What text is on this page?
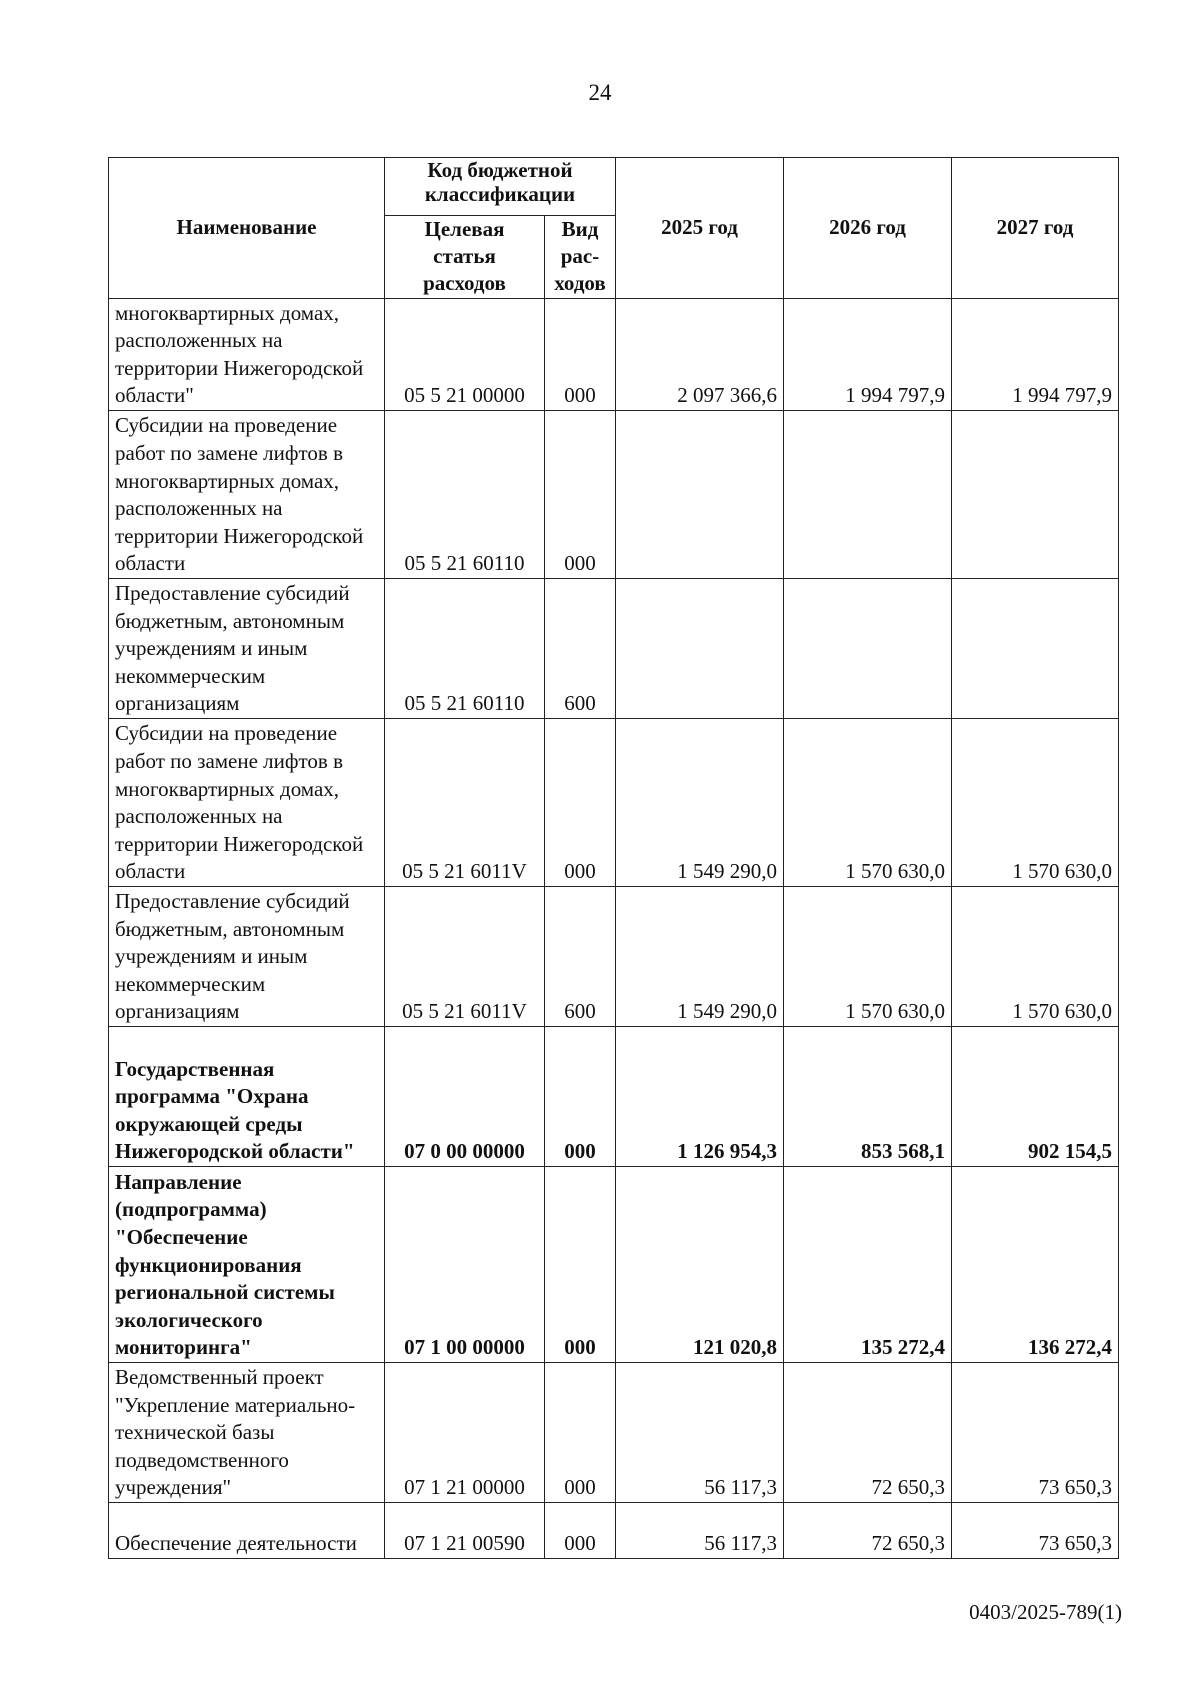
24
Наименование	Код бюджетной классификации		2025 год	2026 год	2027 год
	Целевая статья расходов	Вид рас-ходов			
многоквартирных домах, расположенных на территории Нижегородской области"	05 5 21 00000	000	2 097 366,6	1 994 797,9	1 994 797,9
Субсидии на проведение работ по замене лифтов в многоквартирных домах, расположенных на территории Нижегородской области	05 5 21 60110	000			
Предоставление субсидий бюджетным, автономным учреждениям и иным некоммерческим организациям	05 5 21 60110	600			
Субсидии на проведение работ по замене лифтов в многоквартирных домах, расположенных на территории Нижегородской области	05 5 21 6011V	000	1 549 290,0	1 570 630,0	1 570 630,0
Предоставление субсидий бюджетным, автономным учреждениям и иным некоммерческим организациям	05 5 21 6011V	600	1 549 290,0	1 570 630,0	1 570 630,0
Государственная программа "Охрана окружающей среды Нижегородской области"	07 0 00 00000	000	1 126 954,3	853 568,1	902 154,5
Направление (подпрограмма) "Обеспечение функционирования региональной системы экологического мониторинга"	07 1 00 00000	000	121 020,8	135 272,4	136 272,4
Ведомственный проект "Укрепление материально-технической базы подведомственного учреждения"	07 1 21 00000	000	56 117,3	72 650,3	73 650,3
Обеспечение деятельности	07 1 21 00590	000	56 117,3	72 650,3	73 650,3
0403/2025-789(1)
